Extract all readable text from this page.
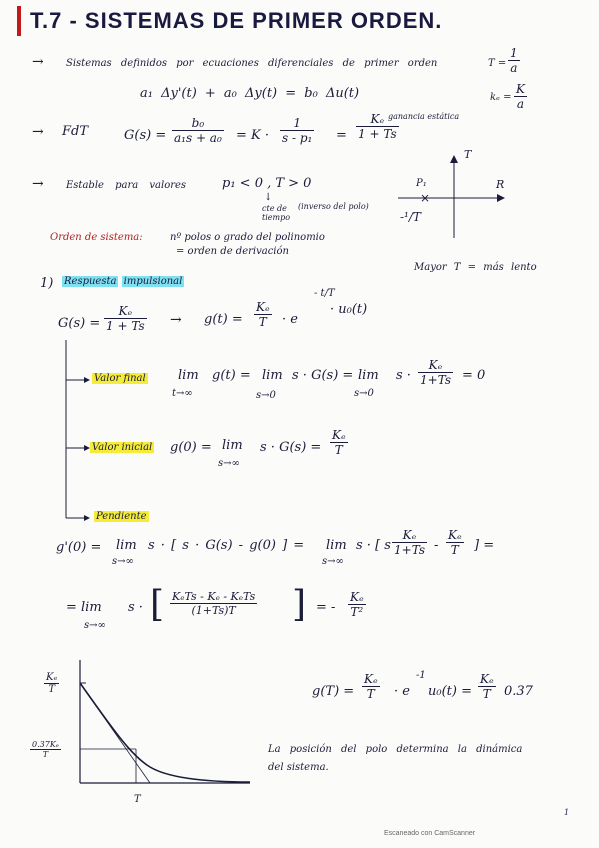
T.7 - SISTEMAS DE PRIMER ORDEN.
→ Sistemas definidos por ecuaciones diferenciales de primer orden
a₁ Δy'(t) + a₀ Δy(t) = b₀ Δu(t)
$T = \frac{1}{a}$
$k_e = \frac{K}{a}$
→ FdT	$G(s) = \frac{\text{b₀}}{\text{a₁s + a₀}} = K \cdot \frac{1}{\text{s - p₁}} = \frac{\text{Kₑ}}{1 + Ts}$
ganancia estática
→ Estable para valores	p₁ < 0 , T > 0
↓
cte de tiempo
(inverso del polo)
×
T
R
P₁
-¹/T
Orden de sistema:	nº polos o grado del polinomio
= orden de derivación
Mayor T = más lento
1) Respuesta impulsional
$G(s) = \frac{\text{Kₑ}}{1 + Ts} \to g(t) = \frac{\text{Kₑ}}{T} \cdot e$
- t/T
· u₀(t)
Valor final lim
t→∞
g(t) = lim
s→0
s · G(s) = lim
s→0
$s \cdot \frac{\text{Kₑ}}{1+Ts} = 0$
Valor inicial g(0) = lim
s→∞
$s \cdot G(s) = \frac{\text{Kₑ}}{T}$
Pendiente
g'(0) = lim
s→∞
s · [ s · G(s) - g(0) ] = lim
s→∞
s · [ s $\frac{\text{Kₑ}}{1+Ts} - \frac{\text{Kₑ}}{T}$ ] =
= lim
s→∞
s · [ KₑTs - Kₑ - KₑTs
(1+Ts)T	] = - $\frac{\text{Kₑ}}{\text{T²}}$
$\frac{\text{Kₑ}}{T}$
$\frac{\text{0.37Kₑ}}{T}$
T
$g(T) = \frac{\text{Kₑ}}{T} \cdot e$
-1
$u_0(t) = \frac{\text{Kₑ}}{T} 0.37$
La posición del polo determina la dinámica
del sistema.
1
Escaneado con CamScanner
